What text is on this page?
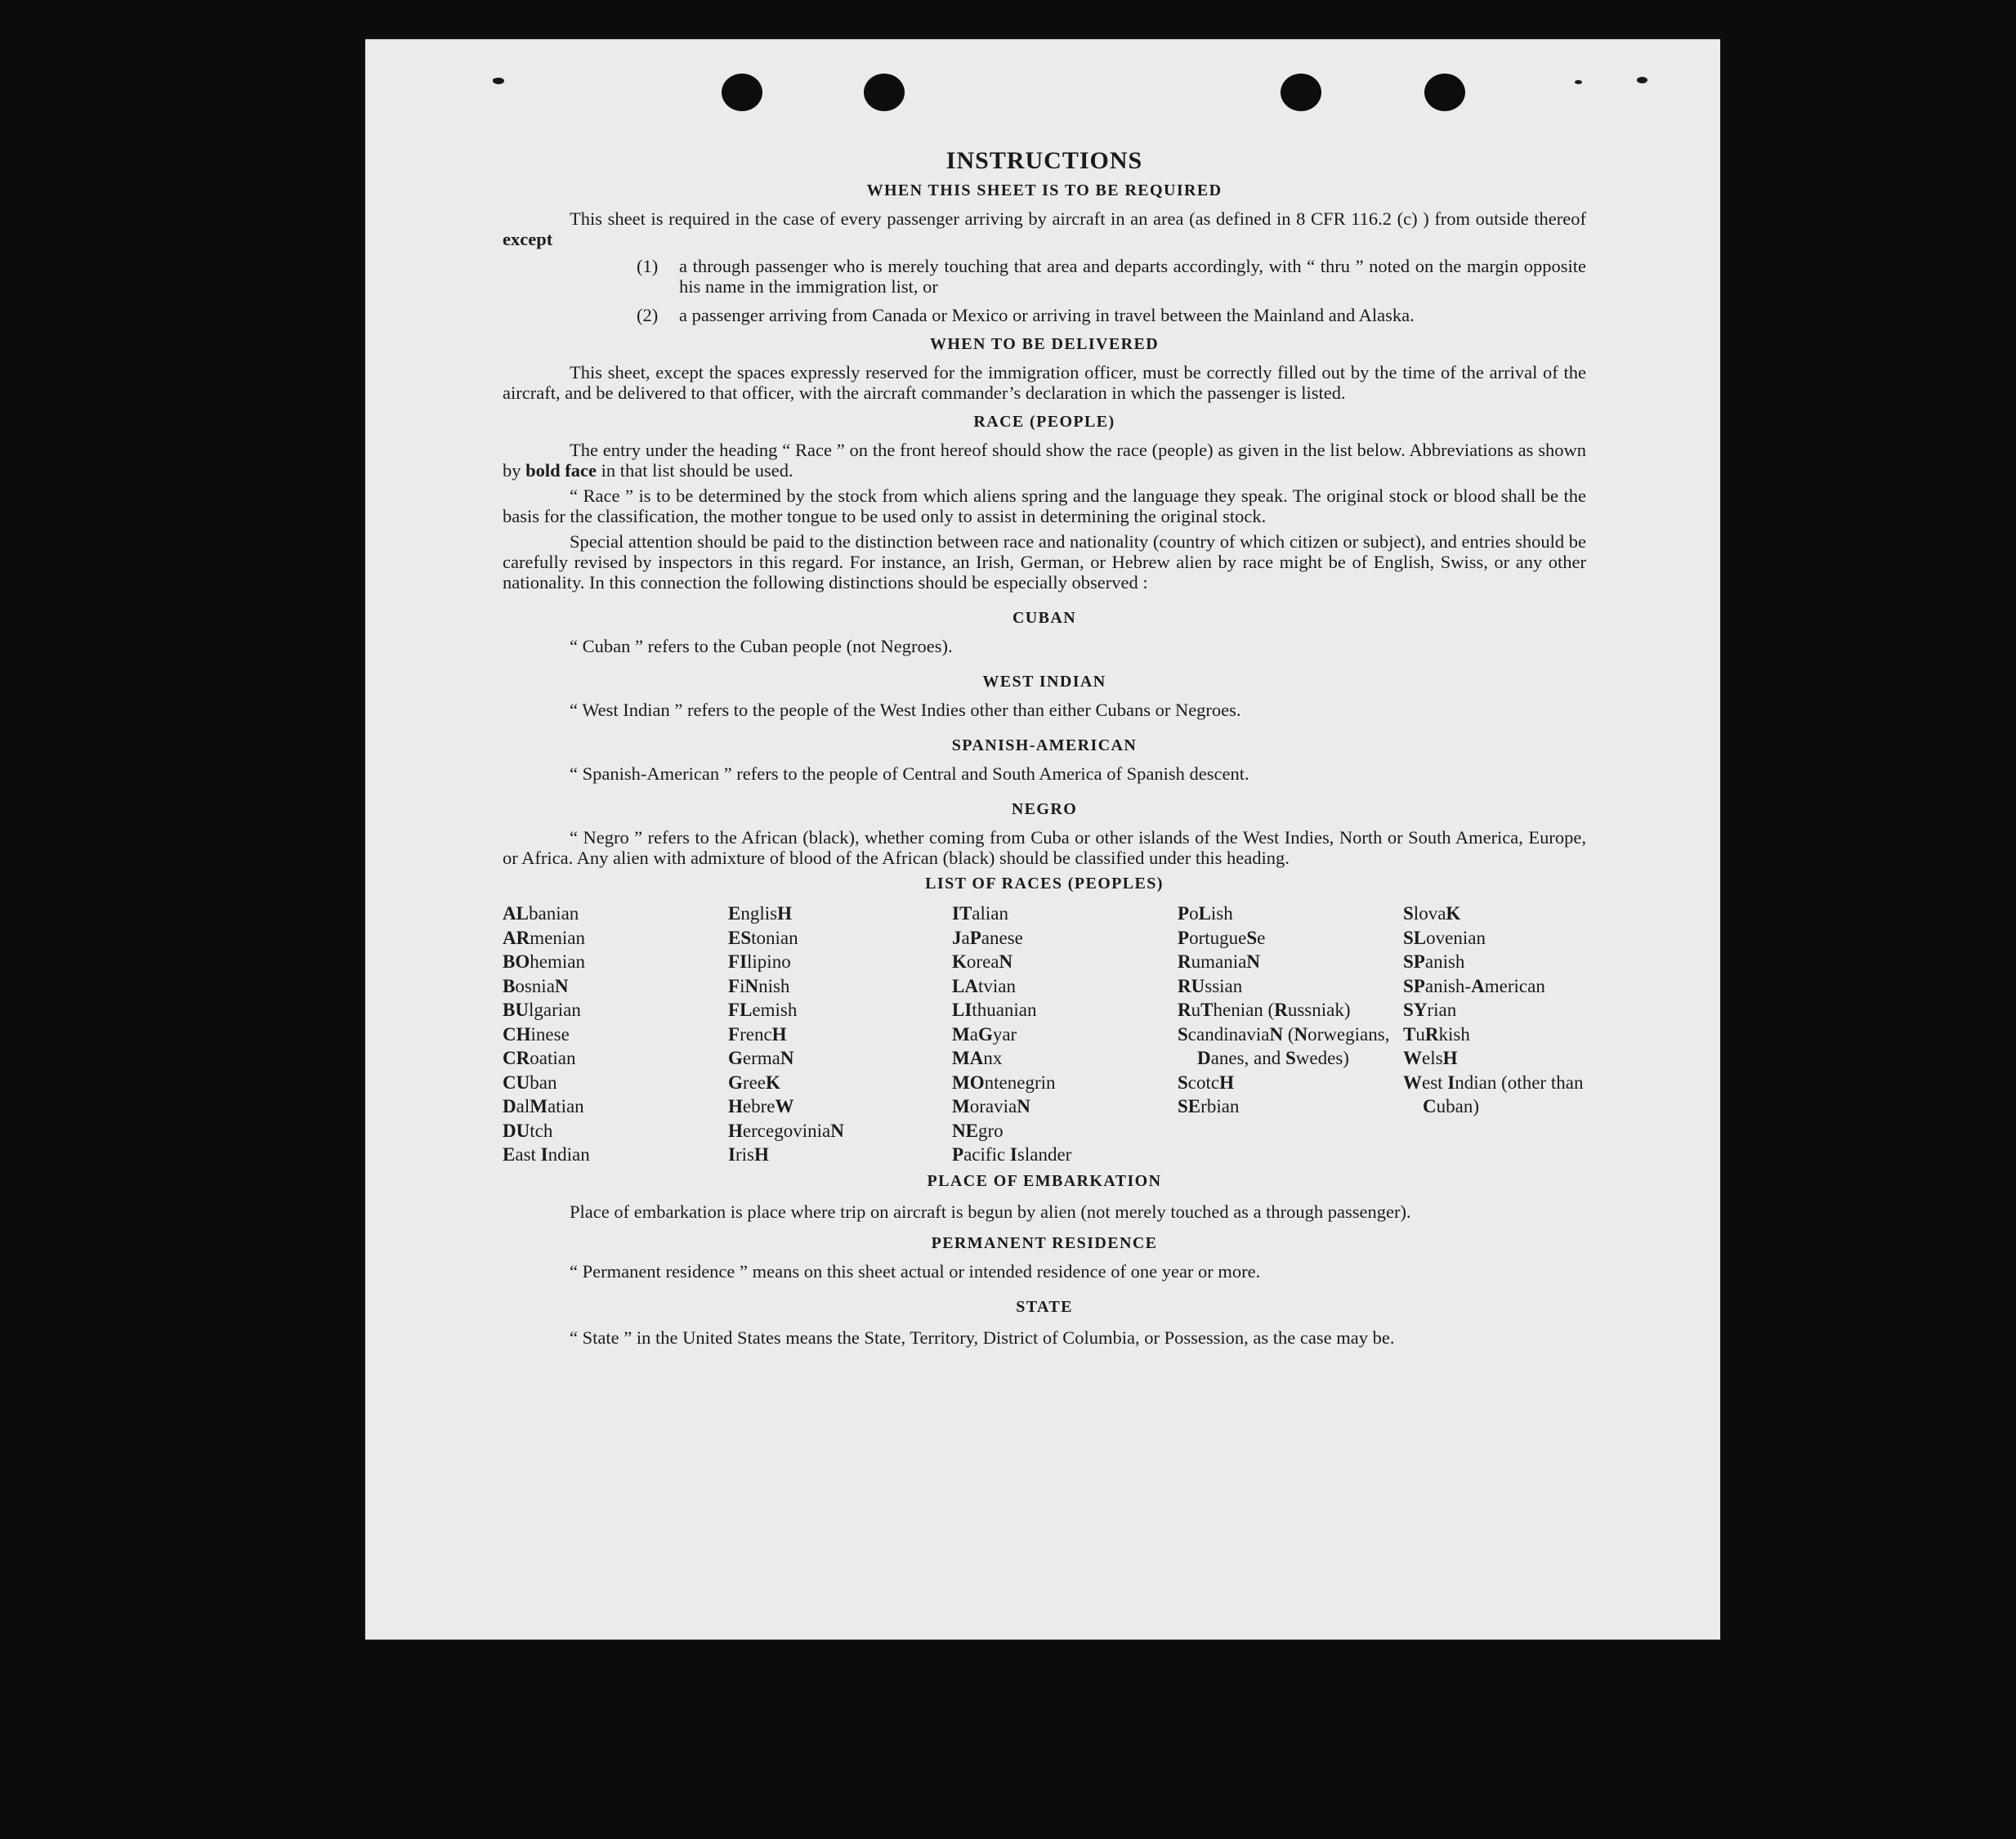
INSTRUCTIONS
WHEN THIS SHEET IS TO BE REQUIRED

This sheet is required in the case of every passenger arriving by aircraft in an area (as defined in 8 CFR 116.2 (c) ) from outside thereof except

(1)	a through passenger who is merely touching that area and departs accordingly, with “ thru ” noted on the margin opposite his name in the immigration list, or
(2)	a passenger arriving from Canada or Mexico or arriving in travel between the Mainland and Alaska.
WHEN TO BE DELIVERED

This sheet, except the spaces expressly reserved for the immigration officer, must be correctly filled out by the time of the arrival of the aircraft, and be delivered to that officer, with the aircraft commander’s declaration in which the passenger is listed.

RACE (PEOPLE)

The entry under the heading “ Race ” on the front hereof should show the race (people) as given in the list below. Abbreviations as shown by bold face in that list should be used.

“ Race ” is to be determined by the stock from which aliens spring and the language they speak. The original stock or blood shall be the basis for the classification, the mother tongue to be used only to assist in determining the original stock.

Special attention should be paid to the distinction between race and nationality (country of which citizen or subject), and entries should be carefully revised by inspectors in this regard. For instance, an Irish, German, or Hebrew alien by race might be of English, Swiss, or any other nationality. In this connection the following distinctions should be especially observed :

CUBAN

“ Cuban ” refers to the Cuban people (not Negroes).

WEST INDIAN

“ West Indian ” refers to the people of the West Indies other than either Cubans or Negroes.

SPANISH-AMERICAN

“ Spanish-American ” refers to the people of Central and South America of Spanish descent.

NEGRO

“ Negro ” refers to the African (black), whether coming from Cuba or other islands of the West Indies, North or South America, Europe, or Africa. Any alien with admixture of blood of the African (black) should be classified under this heading.

LIST OF RACES (PEOPLES)
ALbanian
ARmenian
BOhemian
BosniaN
BUlgarian
CHinese
CRoatian
CUban
DalMatian
DUtch
East Indian
EnglisH
EStonian
FIlipino
FiNnish
FLemish
FrencH
GermaN
GreeK
HebreW
HercegoviniaN
IrisH
ITalian
JaPanese
KoreaN
LAtvian
LIthuanian
MaGyar
MAnx
MOntenegrin
MoraviaN
NEgro
Pacific Islander
PoLish
PortugueSe
RumaniaN
RUssian
RuThenian (Russniak)
ScandinaviaN (Norwegians, Danes, and Swedes)
ScotcH
SErbian
SlovaK
SLovenian
SPanish
SPanish-American
SYrian
TuRkish
WelsH
West Indian (other than Cuban)
PLACE OF EMBARKATION

Place of embarkation is place where trip on aircraft is begun by alien (not merely touched as a through passenger).

PERMANENT RESIDENCE

“ Permanent residence ” means on this sheet actual or intended residence of one year or more.

STATE

“ State ” in the United States means the State, Territory, District of Columbia, or Possession, as the case may be.
